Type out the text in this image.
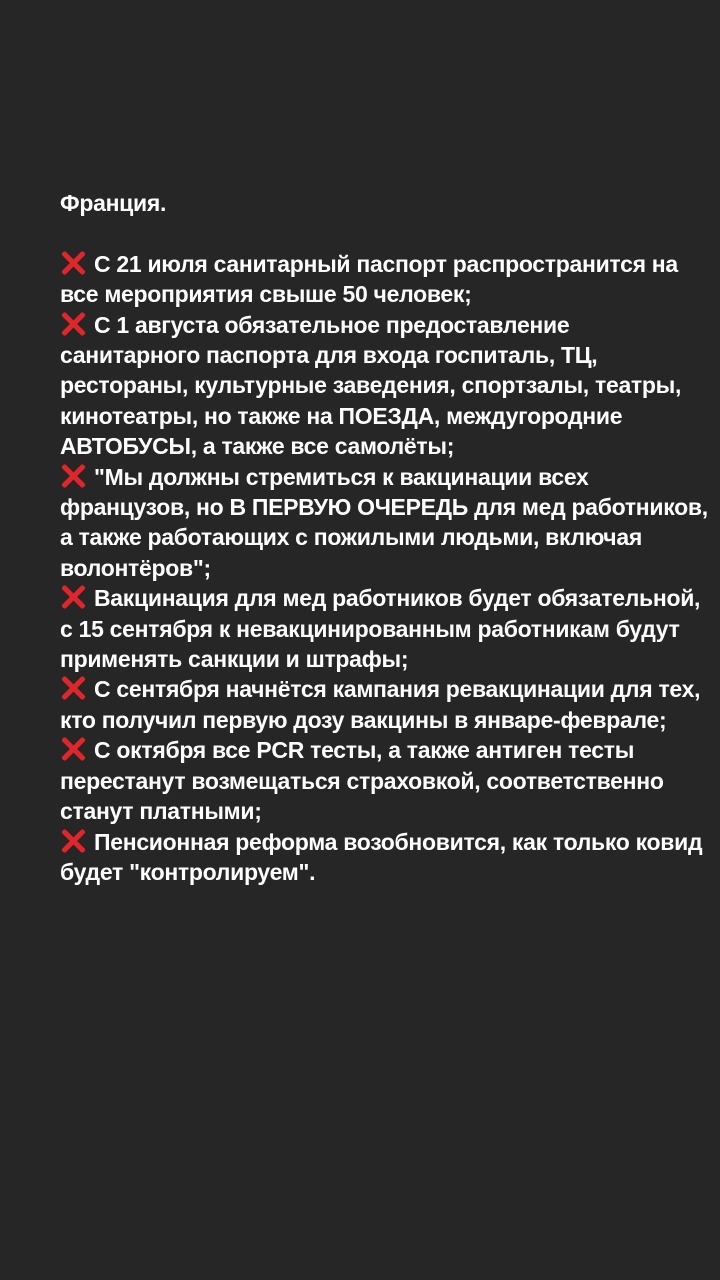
Франция.

С 21 июля санитарный паспорт распространится на все мероприятия свыше 50 человек;

С 1 августа обязательное предоставление санитарного паспорта для входа госпиталь, ТЦ, рестораны, культурные заведения, спортзалы, театры, кинотеатры, но также на ПОЕЗДА, междугородние АВТОБУСЫ, а также все самолёты;

"Мы должны стремиться к вакцинации всех французов, но В ПЕРВУЮ ОЧЕРЕДЬ для мед работников, а также работающих с пожилыми людьми, включая волонтёров";

Вакцинация для мед работников будет обязательной, с 15 сентября к невакцинированным работникам будут применять санкции и штрафы;

С сентября начнётся кампания ревакцинации для тех, кто получил первую дозу вакцины в январе-феврале;

С октября все PCR тесты, а также антиген тесты перестанут возмещаться страховкой, соответственно станут платными;

Пенсионная реформа возобновится, как только ковид будет "контролируем".
